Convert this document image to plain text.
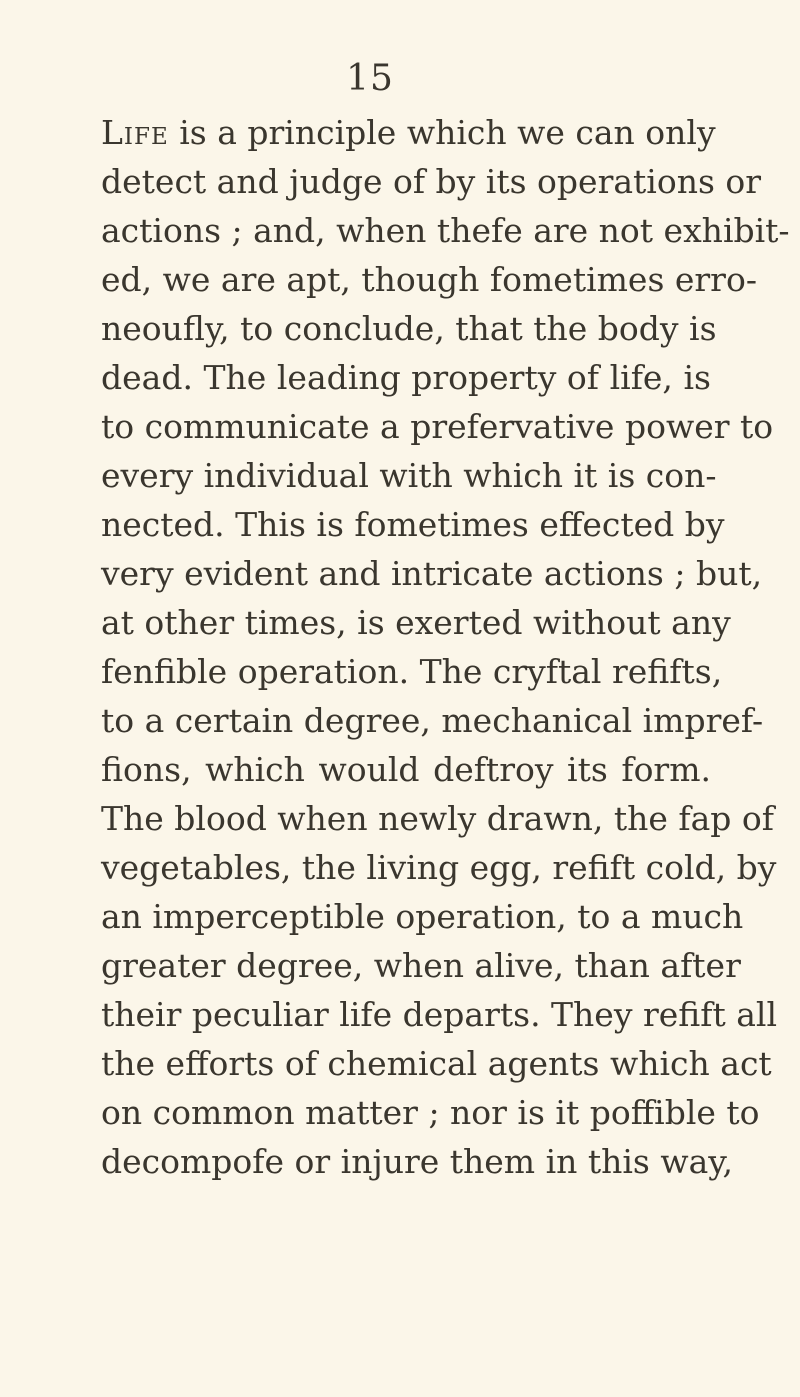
15
Life is a principle which we can only
detect and judge of by its operations or
actions ; and, when thefe are not exhibit-
ed, we are apt, though fometimes erro-
neoufly, to conclude, that the body is
dead. The leading property of life, is
to communicate a prefervative power to
every individual with which it is con-
nected. This is fometimes effected by
very evident and intricate actions ; but,
at other times, is exerted without any
fenfible operation. The cryftal refifts,
to a certain degree, mechanical impref-
fions, which would deftroy its form.
The blood when newly drawn, the fap of
vegetables, the living egg, refift cold, by
an imperceptible operation, to a much
greater degree, when alive, than after
their peculiar life departs. They refift all
the efforts of chemical agents which act
on common matter ; nor is it poffible to
decompofe or injure them in this way,
